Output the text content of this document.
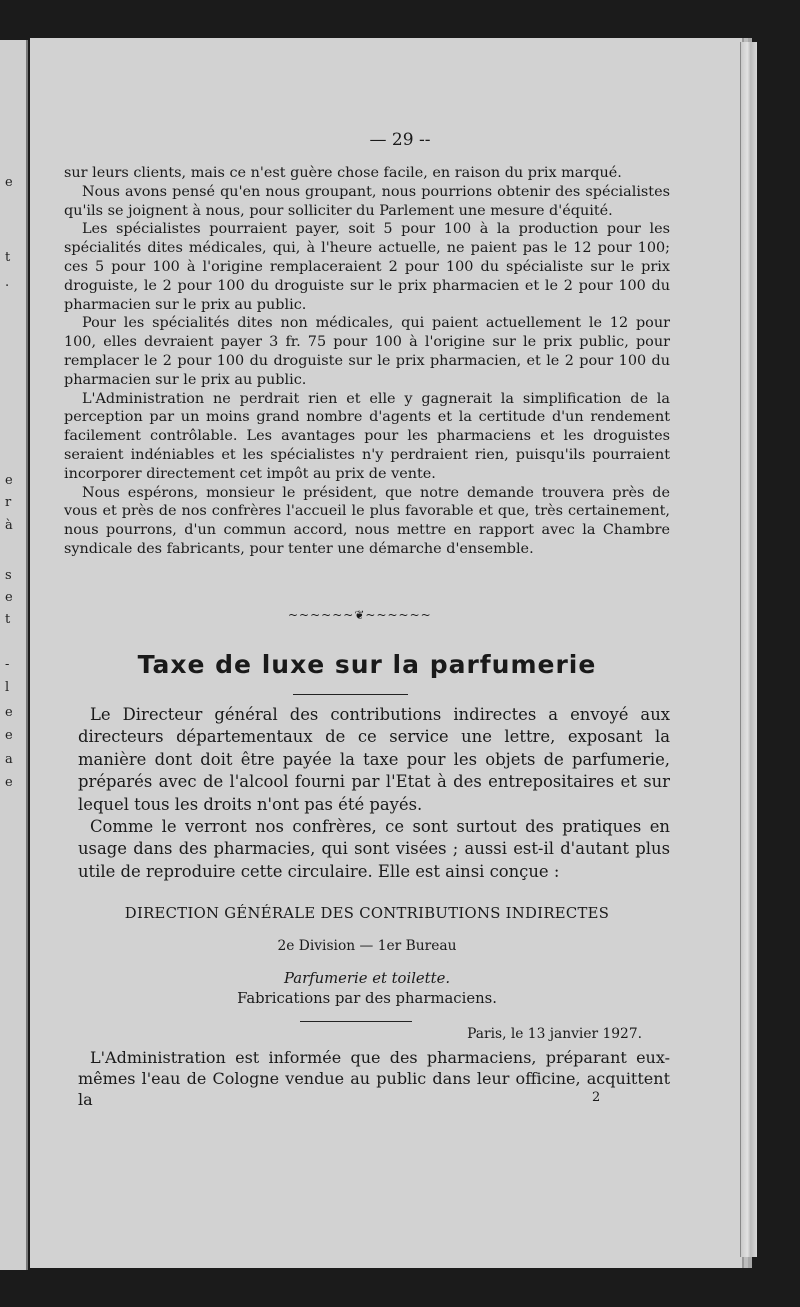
e
t
.
e
r
à
s
e
t
-
l
e
e
a
e
— 29 --

sur leurs clients, mais ce n'est guère chose facile, en raison du prix marqué.

Nous avons pensé qu'en nous groupant, nous pourrions obtenir des spécialistes qu'ils se joignent à nous, pour solliciter du Parlement une mesure d'équité.

Les spécialistes pourraient payer, soit 5 pour 100 à la production pour les spécialités dites médicales, qui, à l'heure actuelle, ne paient pas le 12 pour 100; ces 5 pour 100 à l'origine remplaceraient 2 pour 100 du spécialiste sur le prix droguiste, le 2 pour 100 du droguiste sur le prix pharmacien et le 2 pour 100 du pharmacien sur le prix au public.

Pour les spécialités dites non médicales, qui paient actuellement le 12 pour 100, elles devraient payer 3 fr. 75 pour 100 à l'origine sur le prix public, pour remplacer le 2 pour 100 du droguiste sur le prix pharmacien, et le 2 pour 100 du pharmacien sur le prix au public.

L'Administration ne perdrait rien et elle y gagnerait la simplification de la perception par un moins grand nombre d'agents et la certitude d'un rendement facilement contrôlable. Les avantages pour les pharmaciens et les droguistes seraient indéniables et les spécialistes n'y perdraient rien, puisqu'ils pourraient incorporer directement cet impôt au prix de vente.

Nous espérons, monsieur le président, que notre demande trouvera près de vous et près de nos confrères l'accueil le plus favorable et que, très certainement, nous pourrons, d'un commun accord, nous mettre en rapport avec la Chambre syndicale des fabricants, pour tenter une démarche d'ensemble.

~~~~~~❦~~~~~~
Taxe de luxe sur la parfumerie

Le Directeur général des contributions indirectes a envoyé aux directeurs départementaux de ce service une lettre, exposant la manière dont doit être payée la taxe pour les objets de parfumerie, préparés avec de l'alcool fourni par l'Etat à des entrepositaires et sur lequel tous les droits n'ont pas été payés.

Comme le verront nos confrères, ce sont surtout des pratiques en usage dans des pharmacies, qui sont visées ; aussi est-il d'autant plus utile de reproduire cette circulaire. Elle est ainsi conçue :

DIRECTION GÉNÉRALE DES CONTRIBUTIONS INDIRECTES
2e Division — 1er Bureau
Parfumerie et toilette.
Fabrications par des pharmaciens.
Paris, le 13 janvier 1927.

L'Administration est informée que des pharmaciens, préparant eux-mêmes l'eau de Cologne vendue au public dans leur officine, acquittent la	2
